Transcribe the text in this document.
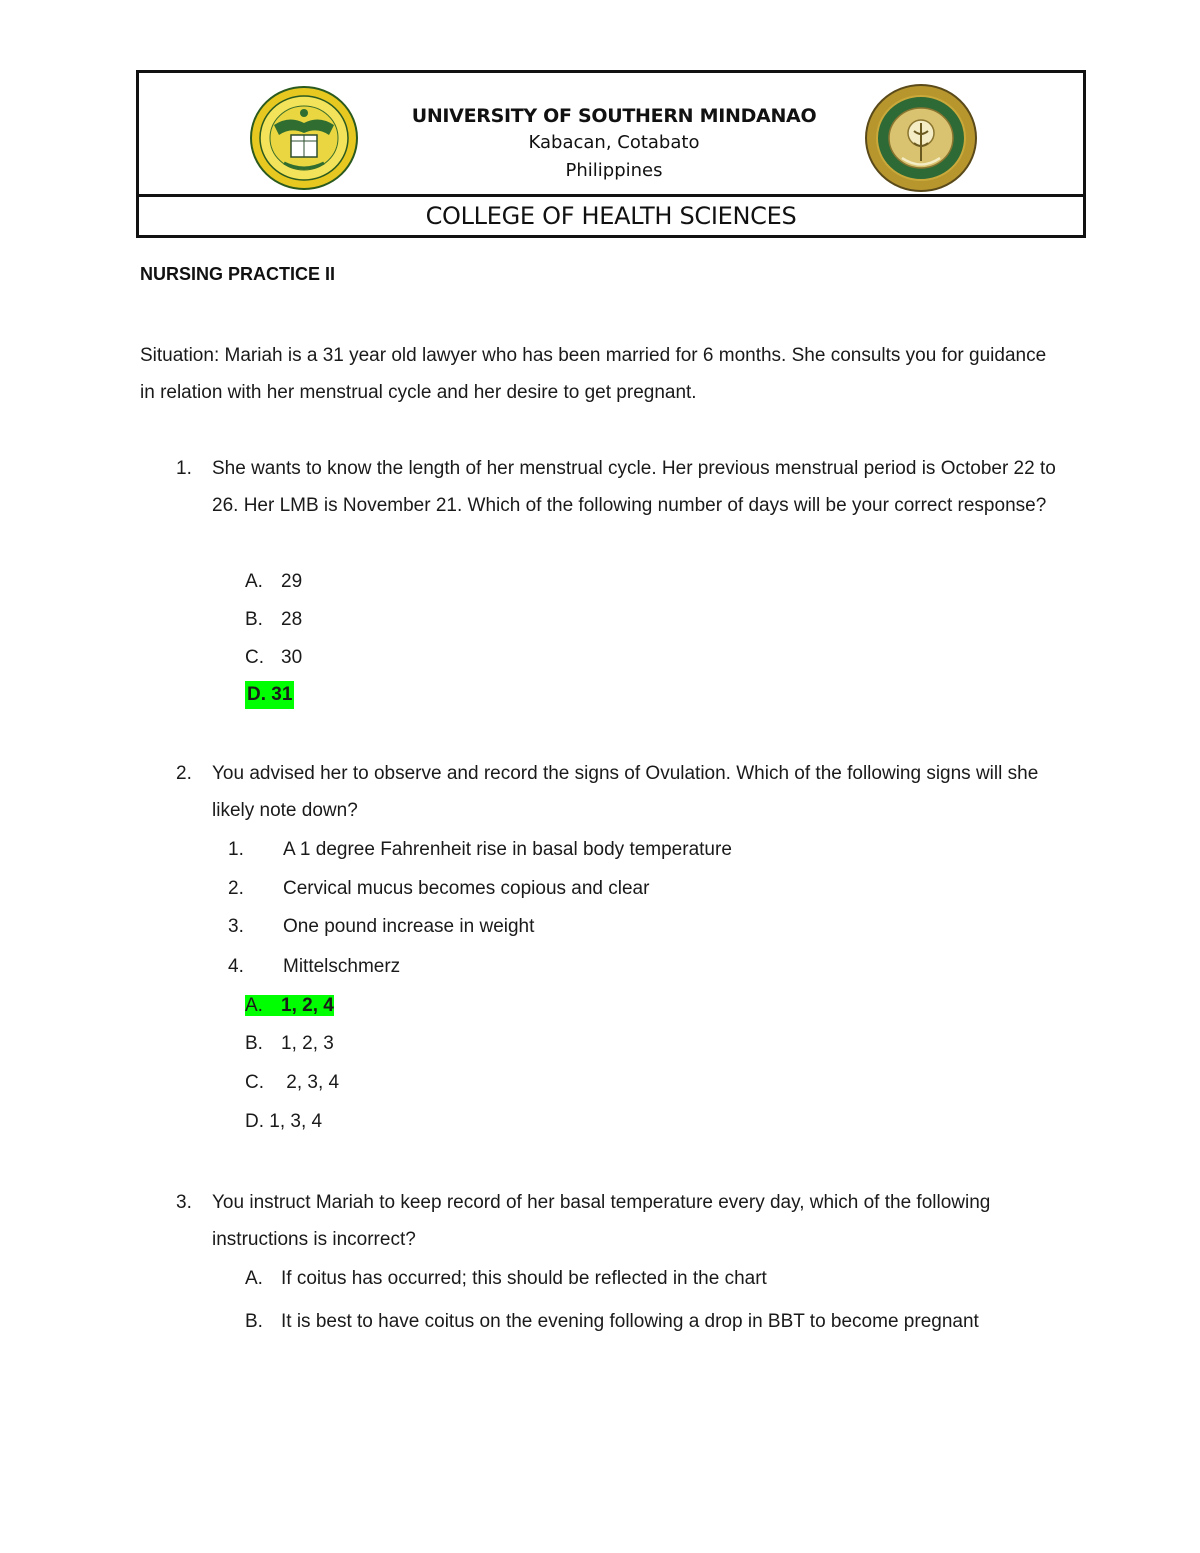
UNIVERSITY OF SOUTHERN MINDANAO
Kabacan, Cotabato
Philippines
COLLEGE OF HEALTH SCIENCES
NURSING PRACTICE II
Situation: Mariah is a 31 year old lawyer who has been married for 6 months. She consults you for guidance in relation with her menstrual cycle and her desire to get pregnant.
1. She wants to know the length of her menstrual cycle. Her previous menstrual period is October 22 to 26. Her LMB is November 21. Which of the following number of days will be your correct response?
A. 29
B. 28
C. 30
D. 31
2. You advised her to observe and record the signs of Ovulation. Which of the following signs will she likely note down?
1. A 1 degree Fahrenheit rise in basal body temperature
2. Cervical mucus becomes copious and clear
3. One pound increase in weight
4. Mittelschmerz
A. 1, 2, 4
B. 1, 2, 3
C. 2, 3, 4
D. 1, 3, 4
3. You instruct Mariah to keep record of her basal temperature every day, which of the following instructions is incorrect?
A. If coitus has occurred; this should be reflected in the chart
B. It is best to have coitus on the evening following a drop in BBT to become pregnant
